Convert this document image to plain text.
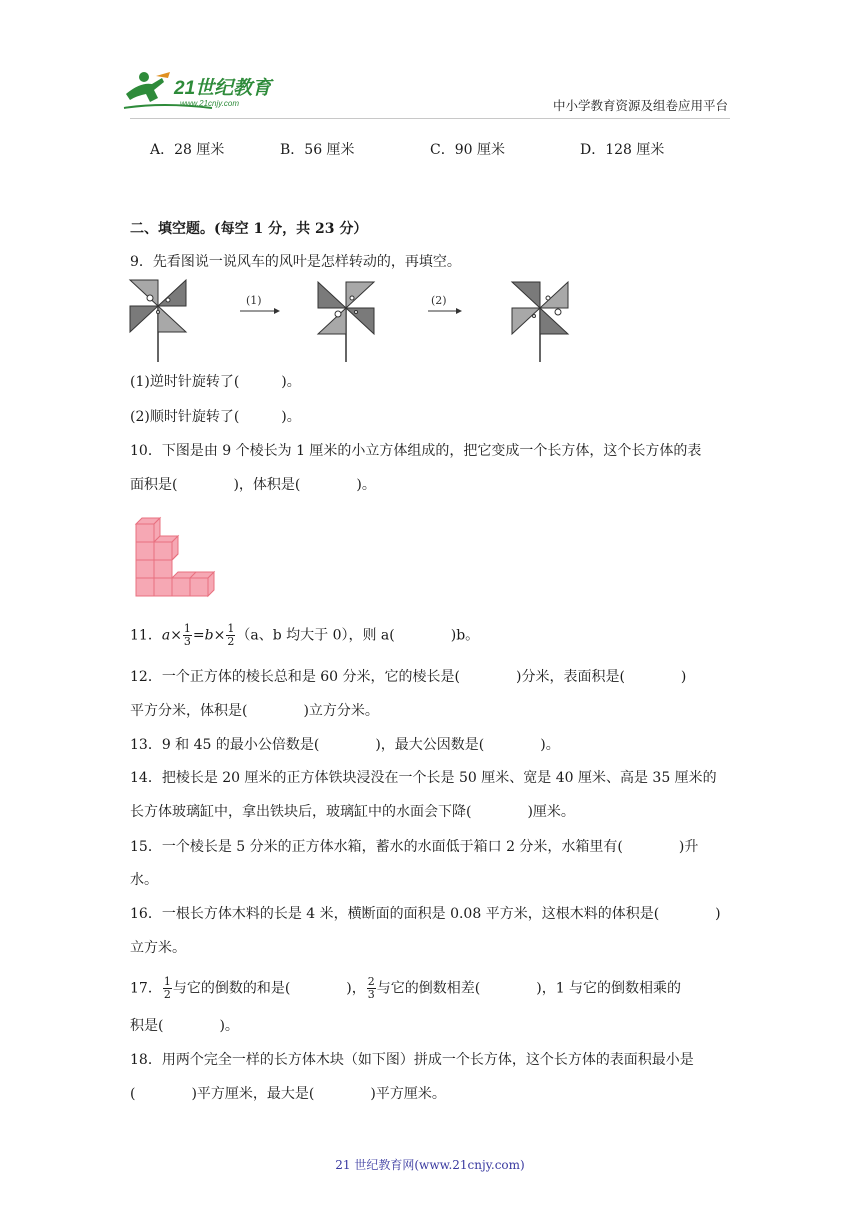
21世纪教育
www.21cnjy.com	中小学教育资源及组卷应用平台
A．28 厘米	B．56 厘米	C．90 厘米	D．128 厘米
二、填空题。(每空 1 分，共 23 分）
9．先看图说一说风车的风叶是怎样转动的，再填空。
(1)	(2)
(1)逆时针旋转了(　　　)。
(2)顺时针旋转了(　　　)。
10．下图是由 9 个棱长为 1 厘米的小立方体组成的，把它变成一个长方体，这个长方体的表
面积是(　　　　)，体积是(　　　　)。
11．$a\times \frac{1}{3} =b\times \frac{1}{2} (a$、b 均大于 0），则 a(　　　　)b。
12．一个正方体的棱长总和是 60 分米，它的棱长是(　　　　)分米，表面积是(　　　　)
平方分米，体积是(　　　　)立方分米。
13．9 和 45 的最小公倍数是(　　　　)，最大公因数是(　　　　)。
14．把棱长是 20 厘米的正方体铁块浸没在一个长是 50 厘米、宽是 40 厘米、高是 35 厘米的
长方体玻璃缸中，拿出铁块后，玻璃缸中的水面会下降(　　　　)厘米。
15．一个棱长是 5 分米的正方体水箱，蓄水的水面低于箱口 2 分米，水箱里有(　　　　)升
水。
16．一根长方体木料的长是 4 米，横断面的面积是 0.08 平方米，这根木料的体积是(　　　　)
立方米。
17． $\frac{1}{2}$ 与它的倒数的和是(　　　　)， $\frac{2}{3}$ 与它的倒数相差(　　　　)，1 与它的倒数相乘的
积是(　　　　)。
18．用两个完全一样的长方体木块（如下图）拼成一个长方体，这个长方体的表面积最小是
(　　　　)平方厘米，最大是(　　　　)平方厘米。
21 世纪教育网(www.21cnjy.com)
